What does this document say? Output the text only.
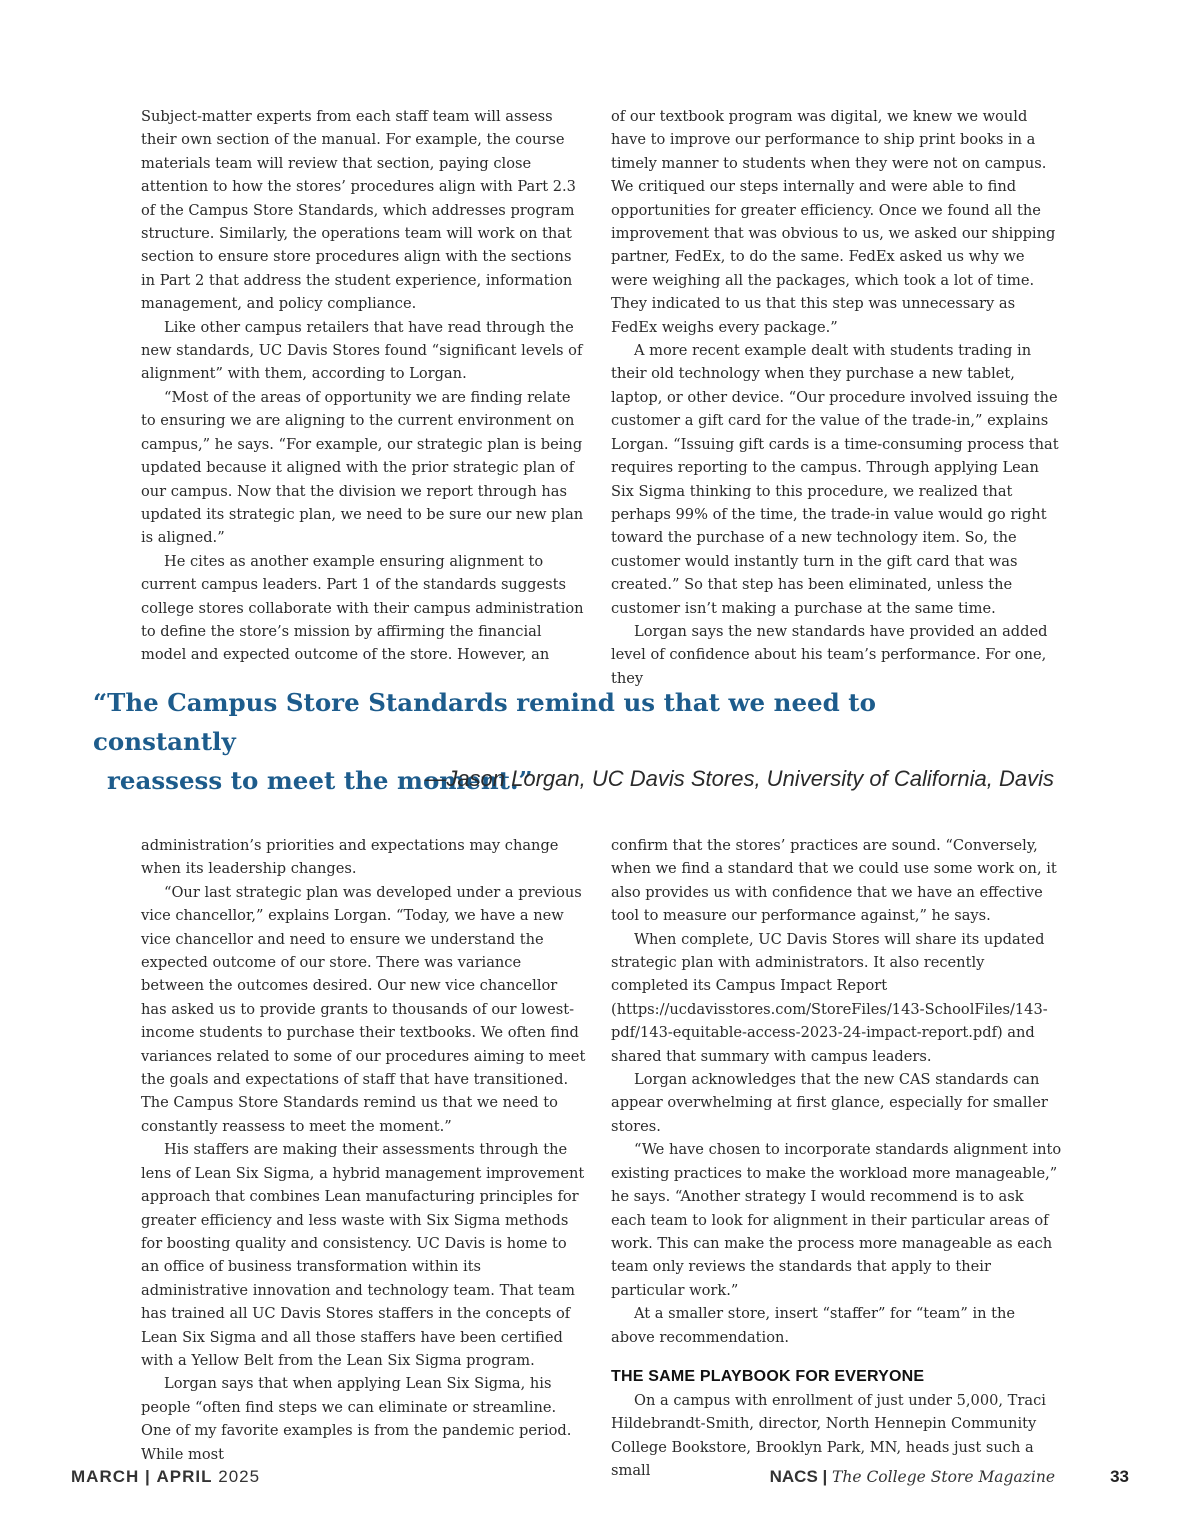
Subject-matter experts from each staff team will assess their own section of the manual. For example, the course materials team will review that section, paying close attention to how the stores’ procedures align with Part 2.3 of the Campus Store Standards, which addresses program structure. Similarly, the operations team will work on that section to ensure store procedures align with the sections in Part 2 that address the student experience, information management, and policy compliance.

Like other campus retailers that have read through the new standards, UC Davis Stores found “significant levels of alignment” with them, according to Lorgan.

“Most of the areas of opportunity we are finding relate to ensuring we are aligning to the current environment on campus,” he says. “For example, our strategic plan is being updated because it aligned with the prior strategic plan of our campus. Now that the division we report through has updated its strategic plan, we need to be sure our new plan is aligned.”

He cites as another example ensuring alignment to current campus leaders. Part 1 of the standards suggests college stores collaborate with their campus administration to define the store’s mission by affirming the financial model and expected outcome of the store. However, an

of our textbook program was digital, we knew we would have to improve our performance to ship print books in a timely manner to students when they were not on campus. We critiqued our steps internally and were able to find opportunities for greater efficiency. Once we found all the improvement that was obvious to us, we asked our shipping partner, FedEx, to do the same. FedEx asked us why we were weighing all the packages, which took a lot of time. They indicated to us that this step was unnecessary as FedEx weighs every package.”

A more recent example dealt with students trading in their old technology when they purchase a new tablet, laptop, or other device. “Our procedure involved issuing the customer a gift card for the value of the trade-in,” explains Lorgan. “Issuing gift cards is a time-consuming process that requires reporting to the campus. Through applying Lean Six Sigma thinking to this procedure, we realized that perhaps 99% of the time, the trade-in value would go right toward the purchase of a new technology item. So, the customer would instantly turn in the gift card that was created.” So that step has been eliminated, unless the customer isn’t making a purchase at the same time.

Lorgan says the new standards have provided an added level of confidence about his team’s performance. For one, they

“The Campus Store Standards remind us that we need to constantly
reassess to meet the moment.”
—Jason Lorgan, UC Davis Stores, University of California, Davis

administration’s priorities and expectations may change when its leadership changes.

“Our last strategic plan was developed under a previous vice chancellor,” explains Lorgan. “Today, we have a new vice chancellor and need to ensure we understand the expected outcome of our store. There was variance between the outcomes desired. Our new vice chancellor has asked us to provide grants to thousands of our lowest-income students to purchase their textbooks. We often find variances related to some of our procedures aiming to meet the goals and expectations of staff that have transitioned. The Campus Store Standards remind us that we need to constantly reassess to meet the moment.”

His staffers are making their assessments through the lens of Lean Six Sigma, a hybrid management improvement approach that combines Lean manufacturing principles for greater efficiency and less waste with Six Sigma methods for boosting quality and consistency. UC Davis is home to an office of business transformation within its administrative innovation and technology team. That team has trained all UC Davis Stores staffers in the concepts of Lean Six Sigma and all those staffers have been certified with a Yellow Belt from the Lean Six Sigma program.

Lorgan says that when applying Lean Six Sigma, his people “often find steps we can eliminate or streamline. One of my favorite examples is from the pandemic period. While most

confirm that the stores’ practices are sound. “Conversely, when we find a standard that we could use some work on, it also provides us with confidence that we have an effective tool to measure our performance against,” he says.

When complete, UC Davis Stores will share its updated strategic plan with administrators. It also recently completed its Campus Impact Report (https://ucdavisstores.com/StoreFiles/143-SchoolFiles/143-pdf/143-equitable-access-2023-24-impact-report.pdf) and shared that summary with campus leaders.

Lorgan acknowledges that the new CAS standards can appear overwhelming at first glance, especially for smaller stores.

“We have chosen to incorporate standards alignment into existing practices to make the workload more manageable,” he says. “Another strategy I would recommend is to ask each team to look for alignment in their particular areas of work. This can make the process more manageable as each team only reviews the standards that apply to their particular work.”

At a smaller store, insert “staffer” for “team” in the above recommendation.

THE SAME PLAYBOOK FOR EVERYONE

On a campus with enrollment of just under 5,000, Traci Hildebrandt-Smith, director, North Hennepin Community College Bookstore, Brooklyn Park, MN, heads just such a small

MARCH | APRIL 2025	NACS | The College Store Magazine	33
